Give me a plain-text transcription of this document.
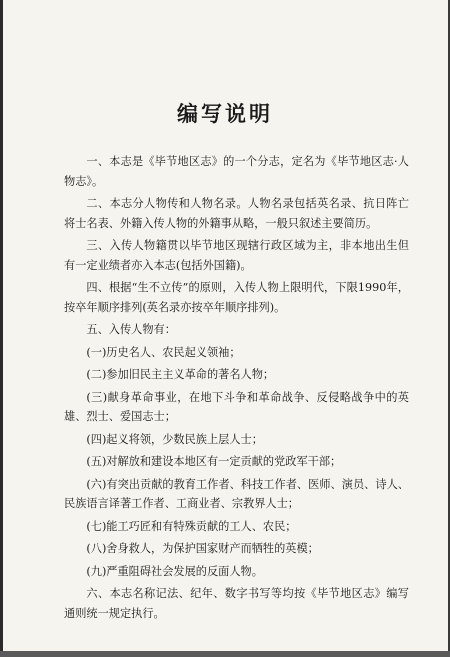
编写说明

一、本志是《毕节地区志》的一个分志，定名为《毕节地区志·人物志》。

二、本志分人物传和人物名录。人物名录包括英名录、抗日阵亡将士名表、外籍入传人物的外籍事从略，一般只叙述主要简历。

三、入传人物籍贯以毕节地区现辖行政区域为主，非本地出生但有一定业绩者亦入本志(包括外国籍)。

四、根据“生不立传”的原则，入传人物上限明代，下限1990年，按卒年顺序排列(英名录亦按卒年顺序排列)。

五、入传人物有：

(一)历史名人、农民起义领袖；

(二)参加旧民主主义革命的著名人物；

(三)献身革命事业，在地下斗争和革命战争、反侵略战争中的英雄、烈士、爱国志士；

(四)起义将领，少数民族上层人士；

(五)对解放和建设本地区有一定贡献的党政军干部；

(六)有突出贡献的教育工作者、科技工作者、医师、演员、诗人、民族语言译著工作者、工商业者、宗教界人士；

(七)能工巧匠和有特殊贡献的工人、农民；

(八)舍身救人，为保护国家财产而牺牲的英模；

(九)严重阻碍社会发展的反面人物。

六、本志名称记法、纪年、数字书写等均按《毕节地区志》编写通则统一规定执行。
